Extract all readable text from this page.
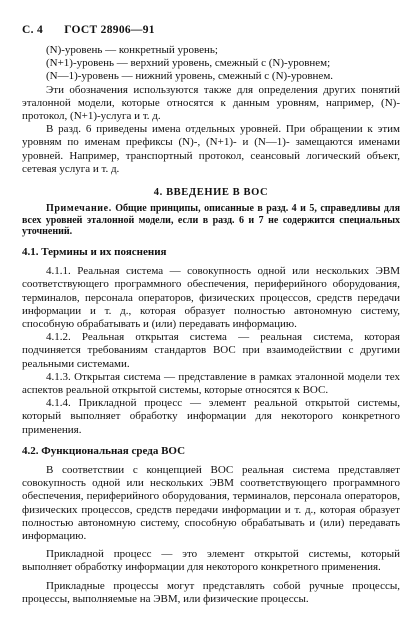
С. 4 ГОСТ 28906—91

(N)-уровень — конкретный уровень;

(N+1)-уровень — верхний уровень, смежный с (N)-уровнем;

(N—1)-уровень — нижний уровень, смежный с (N)-уровнем.

Эти обозначения используются также для определения других понятий эталонной модели, которые относятся к данным уровням, например, (N)-протокол, (N+1)-услуга и т. д.

В разд. 6 приведены имена отдельных уровней. При обращении к этим уровням по именам префиксы (N)-, (N+1)- и (N—1)- замещаются именами уровней. Например, транспортный протокол, сеансовый логический объект, сетевая услуга и т. д.

4. ВВЕДЕНИЕ В ВОС

Примечание. Общие принципы, описанные в разд. 4 и 5, справедливы для всех уровней эталонной модели, если в разд. 6 и 7 не содержится специальных уточнений.

4.1. Термины и их пояснения

4.1.1. Реальная система — совокупность одной или нескольких ЭВМ соответствующего программного обеспечения, периферийного оборудования, терминалов, персонала операторов, физических процессов, средств передачи информации и т. д., которая образует полностью автономную систему, способную обрабатывать и (или) передавать информацию.

4.1.2. Реальная открытая система — реальная система, которая подчиняется требованиям стандартов ВОС при взаимодействии с другими реальными системами.

4.1.3. Открытая система — представление в рамках эталонной модели тех аспектов реальной открытой системы, которые относятся к ВОС.

4.1.4. Прикладной процесс — элемент реальной открытой системы, который выполняет обработку информации для некоторого конкретного применения.

4.2. Функциональная среда ВОС

В соответствии с концепцией ВОС реальная система представляет совокупность одной или нескольких ЭВМ соответствующего программного обеспечения, периферийного оборудования, терминалов, персонала операторов, физических процессов, средств передачи информации и т. д., которая образует полностью автономную систему, способную обрабатывать и (или) передавать информацию.

Прикладной процесс — это элемент открытой системы, который выполняет обработку информации для некоторого конкретного применения.

Прикладные процессы могут представлять собой ручные процессы, процессы, выполняемые на ЭВМ, или физические процессы.
